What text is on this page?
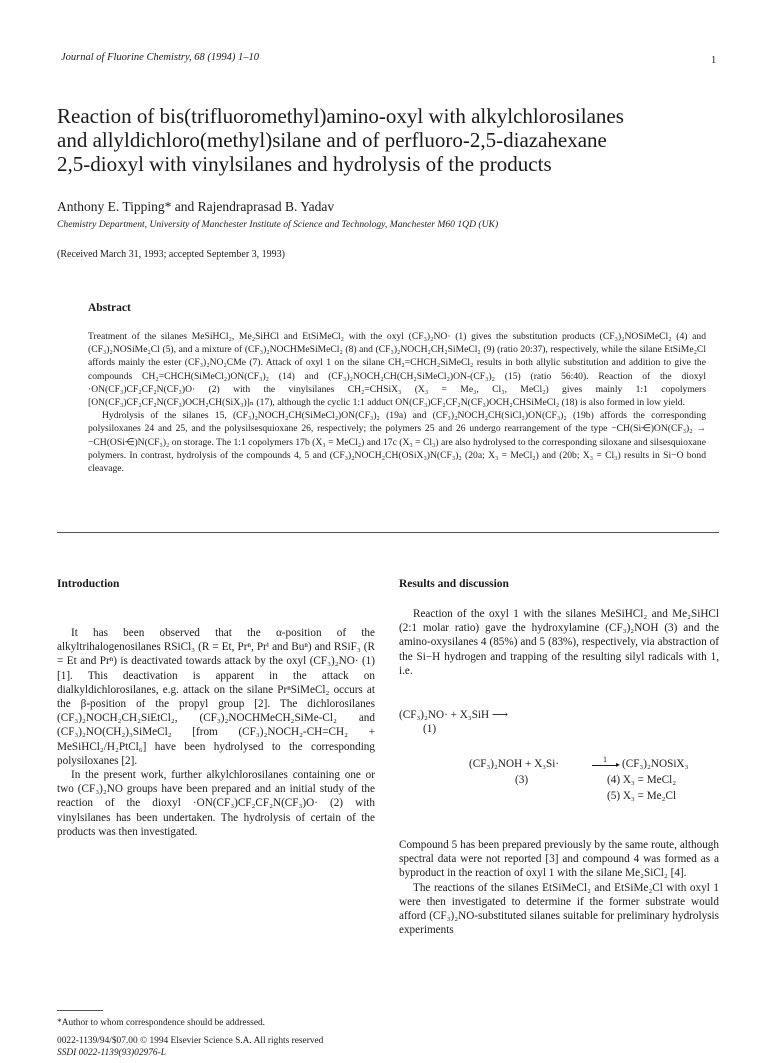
Journal of Fluorine Chemistry, 68 (1994) 1–10	1
Reaction of bis(trifluoromethyl)amino-oxyl with alkylchlorosilanes
and allyldichloro(methyl)silane and of perfluoro-2,5-diazahexane
2,5-dioxyl with vinylsilanes and hydrolysis of the products
Anthony E. Tipping* and Rajendraprasad B. Yadav
Chemistry Department, University of Manchester Institute of Science and Technology, Manchester M60 1QD (UK)
(Received March 31, 1993; accepted September 3, 1993)
Abstract

Treatment of the silanes MeSiHCl₂, Me₂SiHCl and EtSiMeCl₂ with the oxyl (CF₃)₂NO· (1) gives the substitution products (CF₃)₂NOSiMeCl₂ (4) and (CF₃)₂NOSiMe₂Cl (5), and a mixture of (CF₃)₂NOCHMeSiMeCl₂ (8) and (CF₃)₂NOCH₂CH₂SiMeCl₂ (9) (ratio 20:37), respectively, while the silane EtSiMe₂Cl affords mainly the ester (CF₃)₂NO₂CMe (7). Attack of oxyl 1 on the silane CH₂=CHCH₂SiMeCl₂ results in both allylic substitution and addition to give the compounds CH₂=CHCH(SiMeCl₂)ON(CF₃)₂ (14) and (CF₃)₂NOCH₂CH(CH₂SiMeCl₂)ON-(CF₃)₂ (15) (ratio 56:40). Reaction of the dioxyl ·ON(CF₃)CF₂CF₂N(CF₃)O· (2) with the vinylsilanes CH₂=CHSiX₃ (X₃ = Me₃, Cl₃, MeCl₂) gives mainly 1:1 copolymers [ON(CF₃)CF₂CF₂N(CF₃)OCH₂CH(SiX₃)]ₙ (17), although the cyclic 1:1 adduct ON(CF₃)CF₂CF₂N(CF₃)OCH₂CHSiMeCl₂ (18) is also formed in low yield.

Hydrolysis of the silanes 15, (CF₃)₂NOCH₂CH(SiMeCl₂)ON(CF₃)₂ (19a) and (CF₃)₂NOCH₂CH(SiCl₃)ON(CF₃)₂ (19b) affords the corresponding polysiloxanes 24 and 25, and the polysilsesquioxane 26, respectively; the polymers 25 and 26 undergo rearrangement of the type −CH(Si⋲)ON(CF₃)₂ → −CH(OSi⋲)N(CF₃)₂ on storage. The 1:1 copolymers 17b (X₃ = MeCl₂) and 17c (X₃ = Cl₃) are also hydrolysed to the corresponding siloxane and silsesquioxane polymers. In contrast, hydrolysis of the compounds 4, 5 and (CF₃)₂NOCH₂CH(OSiX₃)N(CF₃)₂ (20a; X₃ = MeCl₂) and (20b; X₃ = Cl₃) results in Si−O bond cleavage.

Introduction

It has been observed that the α-position of the alkyltrihalogenosilanes RSiCl₃ (R = Et, Prⁿ, Prⁱ and Buⁿ) and RSiF₃ (R = Et and Prⁿ) is deactivated towards attack by the oxyl (CF₃)₂NO· (1) [1]. This deactivation is apparent in the attack on dialkyldichlorosilanes, e.g. attack on the silane PrⁿSiMeCl₂ occurs at the β-position of the propyl group [2]. The dichlorosilanes (CF₃)₂NOCH₂CH₂SiEtCl₂, (CF₃)₂NOCHMeCH₂SiMe-Cl₂ and (CF₃)₂NO(CH₂)₃SiMeCl₂ [from (CF₃)₂NOCH₂-CH=CH₂ + MeSiHCl₂/H₂PtCl₆] have been hydrolysed to the corresponding polysiloxanes [2].

In the present work, further alkylchlorosilanes containing one or two (CF₃)₂NO groups have been prepared and an initial study of the reaction of the dioxyl ·ON(CF₃)CF₂CF₂N(CF₃)O· (2) with vinylsilanes has been undertaken. The hydrolysis of certain of the products was then investigated.

Results and discussion

Reaction of the oxyl 1 with the silanes MeSiHCl₂ and Me₂SiHCl (2:1 molar ratio) gave the hydroxylamine (CF₃)₂NOH (3) and the amino-oxysilanes 4 (85%) and 5 (83%), respectively, via abstraction of the Si−H hydrogen and trapping of the resulting silyl radicals with 1, i.e.

(CF₃)₂NO· + X₃SiH ⟶
(1)
(CF₃)₂NOH + X₃Si·	1
▸ (CF₃)₂NOSiX₃
(3)	(4) X₃ = MeCl₂
(5) X₃ = Me₂Cl

Compound 5 has been prepared previously by the same route, although spectral data were not reported [3] and compound 4 was formed as a byproduct in the reaction of oxyl 1 with the silane Me₂SiCl₂ [4].

The reactions of the silanes EtSiMeCl₂ and EtSiMe₂Cl with oxyl 1 were then investigated to determine if the former substrate would afford (CF₃)₂NO-substituted silanes suitable for preliminary hydrolysis experiments

*Author to whom correspondence should be addressed.
0022-1139/94/$07.00 © 1994 Elsevier Science S.A. All rights reserved
SSDI 0022-1139(93)02976-L
